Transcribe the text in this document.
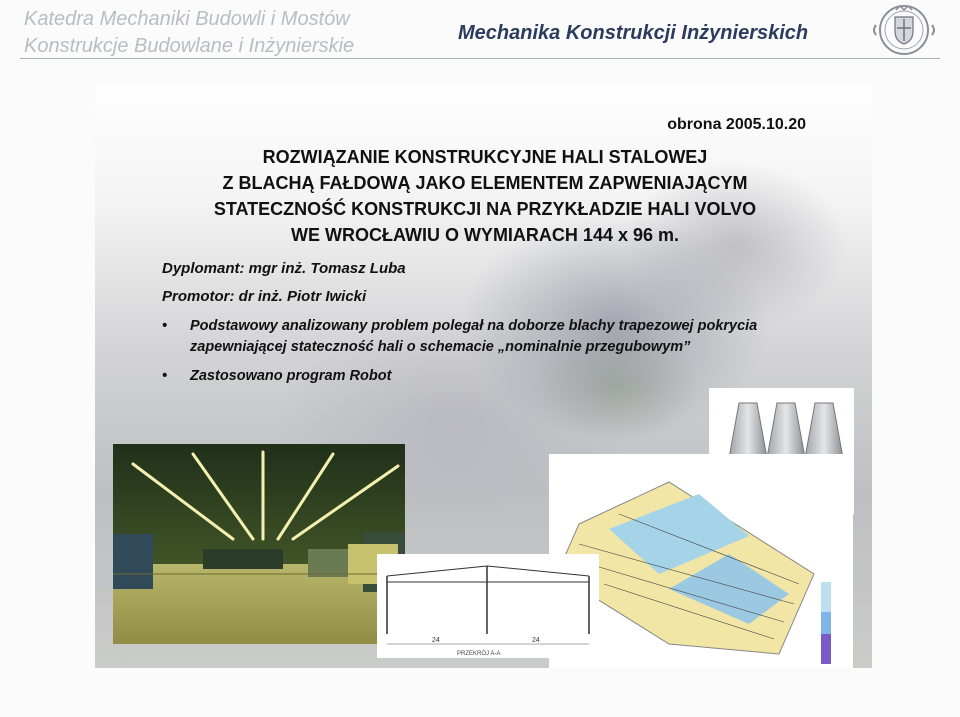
Katedra Mechaniki Budowli i Mostów
Konstrukcje Budowlane i Inżynierskie
Mechanika Konstrukcji Inżynierskich
obrona 2005.10.20
ROZWIĄZANIE KONSTRUKCYJNE HALI STALOWEJ
Z BLACHĄ FAŁDOWĄ JAKO ELEMENTEM ZAPWENIAJĄCYM
STATECZNOŚĆ KONSTRUKCJI NA PRZYKŁADZIE HALI VOLVO
WE WROCŁAWIU O WYMIARACH 144 x 96 m.
Dyplomant: mgr inż. Tomasz Luba
Promotor: dr inż. Piotr Iwicki
• Podstawowy analizowany problem polegał na doborze blachy trapezowej pokrycia zapewniającej stateczność hali o schemacie „nominalnie przegubowym”
• Zastosowano program Robot
280
840
53
24	24
PRZEKRÓJ A-A
